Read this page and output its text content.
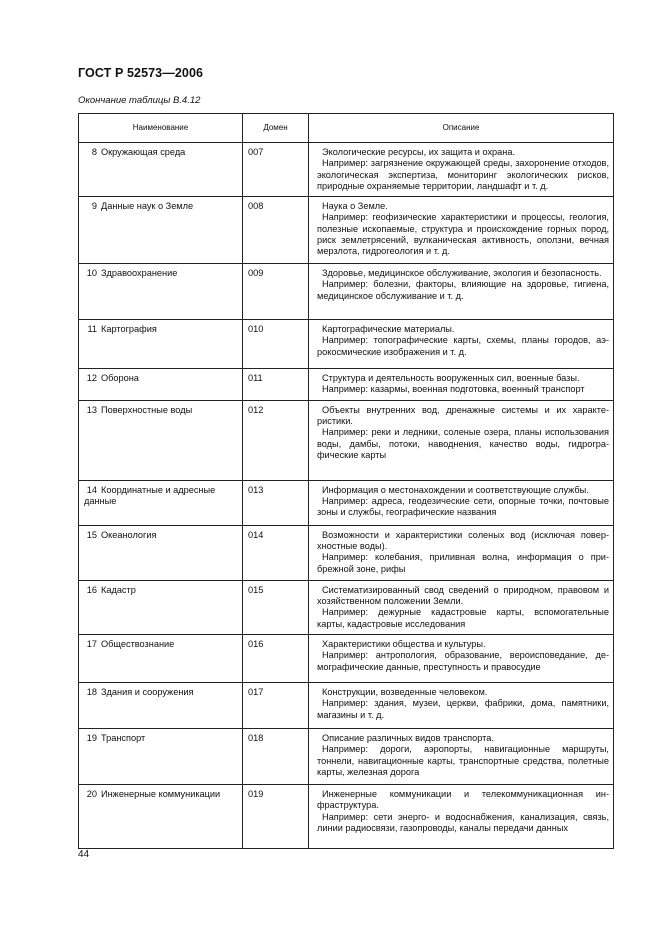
ГОСТ Р 52573—2006
Окончание таблицы В.4.12
Наименование	Домен	Описание
8 Окружающая среда	007	Экологические ресурсы, их защита и охрана.

Например: загрязнение окружающей среды, захоронение отходов, экологическая экспертиза, мониторинг экологических рисков, природные охраняемые территории, ландшафт и т. д.

9 Данные наук о Земле	008	Наука о Земле.

Например: геофизические характеристики и процессы, геология, полезные ископаемые, структура и происхождение горных пород, риск землетрясений, вулканическая активность, оползни, вечная мерзлота, гидрогеология и т. д.

10 Здравоохранение	009	Здоровье, медицинское обслуживание, экология и безопасность.

Например: болезни, факторы, влияющие на здоровье, гигиена, медицинское обслуживание и т. д.

11 Картография	010	Картографические материалы.

Например: топографические карты, схемы, планы городов, аэрокосмические изображения и т. д.

12 Оборона	011	Структура и деятельность вооруженных сил, военные базы.

Например: казармы, военная подготовка, военный транспорт

13 Поверхностные воды	012	Объекты внутренних вод, дренажные системы и их характеристики.

Например: реки и ледники, соленые озера, планы использования воды, дамбы, потоки, наводнения, качество воды, гидрографические карты

14 Координатные и адресные данные	013	Информация о местонахождении и соответствующие службы.

Например: адреса, геодезические сети, опорные точки, почтовые зоны и службы, географические названия

15 Океанология	014	Возможности и характеристики соленых вод (исключая поверхностные воды).

Например: колебания, приливная волна, информация о прибрежной зоне, рифы

16 Кадастр	015	Систематизированный свод сведений о природном, правовом и хозяйственном положении Земли.

Например: дежурные кадастровые карты, вспомогательные карты, кадастровые исследования

17 Обществознание	016	Характеристики общества и культуры.

Например: антропология, образование, вероисповедание, демографические данные, преступность и правосудие

18 Здания и сооружения	017	Конструкции, возведенные человеком.

Например: здания, музеи, церкви, фабрики, дома, памятники, магазины и т. д.

19 Транспорт	018	Описание различных видов транспорта.

Например: дороги, аэропорты, навигационные маршруты, тоннели, навигационные карты, транспортные средства, полетные карты, железная дорога

20 Инженерные коммуникации	019	Инженерные коммуникации и телекоммуникационная инфраструктура.

Например: сети энерго- и водоснабжения, канализация, связь, линии радиосвязи, газопроводы, каналы передачи данных

44
